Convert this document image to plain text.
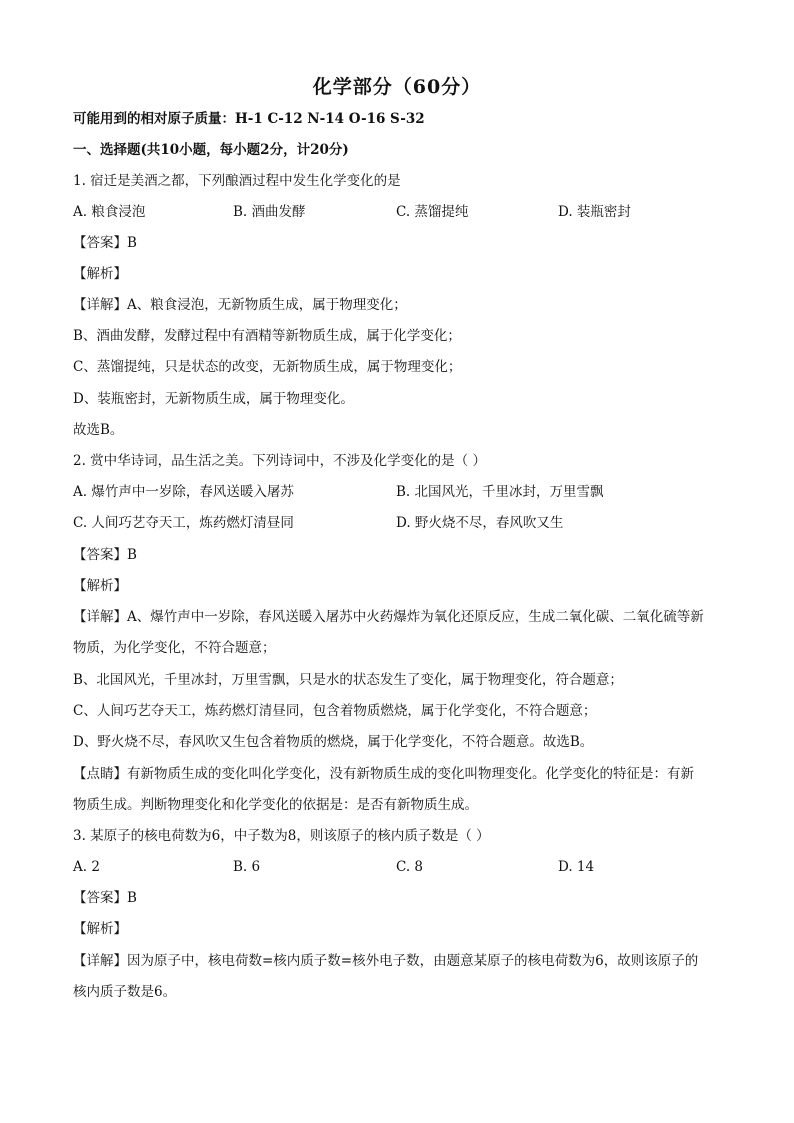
化学部分（60分）
可能用到的相对原子质量：H-1 C-12 N-14 O-16 S-32
一、选择题(共10小题，每小题2分，计20分)
1. 宿迁是美酒之都，下列酿酒过程中发生化学变化的是
A. 粮食浸泡	B. 酒曲发酵	C. 蒸馏提纯	D. 装瓶密封
【答案】B
【解析】
【详解】A、粮食浸泡，无新物质生成，属于物理变化；
B、酒曲发酵，发酵过程中有酒精等新物质生成，属于化学变化；
C、蒸馏提纯，只是状态的改变，无新物质生成，属于物理变化；
D、装瓶密封，无新物质生成，属于物理变化。
故选B。
2. 赏中华诗词，品生活之美。下列诗词中，不涉及化学变化的是（ ）
A. 爆竹声中一岁除，春风送暖入屠苏	B. 北国风光，千里冰封，万里雪飘
C. 人间巧艺夺天工，炼药燃灯清昼同	D. 野火烧不尽，春风吹又生
【答案】B
【解析】
【详解】A、爆竹声中一岁除，春风送暖入屠苏中火药爆炸为氧化还原反应，生成二氧化碳、二氧化硫等新
物质，为化学变化，不符合题意；
B、北国风光，千里冰封，万里雪飘，只是水的状态发生了变化，属于物理变化，符合题意；
C、人间巧艺夺天工，炼药燃灯清昼同，包含着物质燃烧，属于化学变化，不符合题意；
D、野火烧不尽，春风吹又生包含着物质的燃烧，属于化学变化，不符合题意。故选B。
【点睛】有新物质生成的变化叫化学变化，没有新物质生成的变化叫物理变化。化学变化的特征是：有新
物质生成。判断物理变化和化学变化的依据是：是否有新物质生成。
3. 某原子的核电荷数为6，中子数为8，则该原子的核内质子数是（ ）
A. 2	B. 6	C. 8	D. 14
【答案】B
【解析】
【详解】因为原子中，核电荷数=核内质子数=核外电子数，由题意某原子的核电荷数为6，故则该原子的
核内质子数是6。
